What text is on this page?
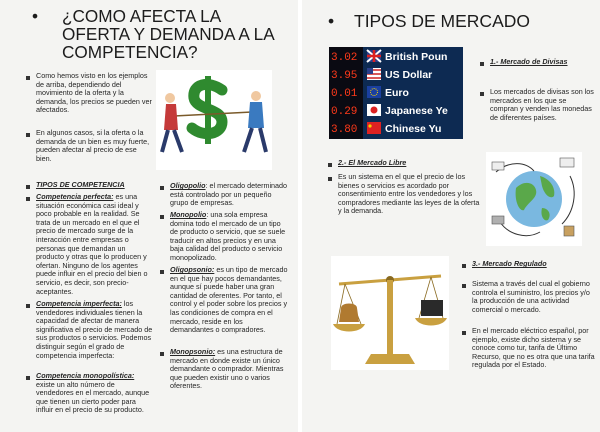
•	¿COMO AFECTA LA OFERTA Y DEMANDA A LA COMPETENCIA?
Como hemos visto en los ejemplos de arriba, dependiendo del movimiento de la oferta y la demanda, los precios se pueden ver afectados.
En algunos casos, si la oferta o la demanda de un bien es muy fuerte, pueden afectar al precio de ese bien.
TIPOS DE COMPETENCIA
Competencia perfecta: es una situación económica casi ideal y poco probable en la realidad. Se trata de un mercado en el que el precio de mercado surge de la interacción entre empresas o personas que demandan un producto y otras que lo producen y ofertan. Ninguno de los agentes puede influir en el precio del bien o servicio, es decir, son precio-aceptantes.
Competencia imperfecta: los vendedores individuales tienen la capacidad de afectar de manera significativa el precio de mercado de sus productos o servicios. Podemos distinguir según el grado de competencia imperfecta:
Competencia monopolística: existe un alto número de vendedores en el mercado, aunque que tienen un cierto poder para influir en el precio de su producto.
Oligopolio: el mercado determinado está controlado por un pequeño grupo de empresas.
Monopolio: una sola empresa domina todo el mercado de un tipo de producto o servicio, que se suele traducir en altos precios y en una baja calidad del producto o servicio monopolizado.
Oligopsonio: es un tipo de mercado en el que hay pocos demandantes, aunque sí puede haber una gran cantidad de oferentes. Por tanto, el control y el poder sobre los precios y las condiciones de compra en el mercado, reside en los demandantes o compradores.
Monopsonio: es una estructura de mercado en donde existe un único demandante o comprador. Mientras que pueden existir uno o varios oferentes.
•	TIPOS DE MERCADO
3.02
3.95
0.01
0.29
3.80
British Poun
US Dollar
Euro
Japanese Ye
Chinese Yu
1.- Mercado de Divisas
Los mercados de divisas son los mercados en los que se compran y venden las monedas de diferentes países.
2.- El Mercado Libre
Es un sistema en el que el precio de los bienes o servicios es acordado por consentimiento entre los vendedores y los compradores mediante las leyes de la oferta y la demanda.
3.- Mercado Regulado
Sistema a través del cual el gobierno controla el suministro, los precios y/o la producción de una actividad comercial o mercado.
En el mercado eléctrico español, por ejemplo, existe dicho sistema y se conoce como tur, tarifa de Último Recurso, que no es otra que una tarifa regulada por el Estado.
